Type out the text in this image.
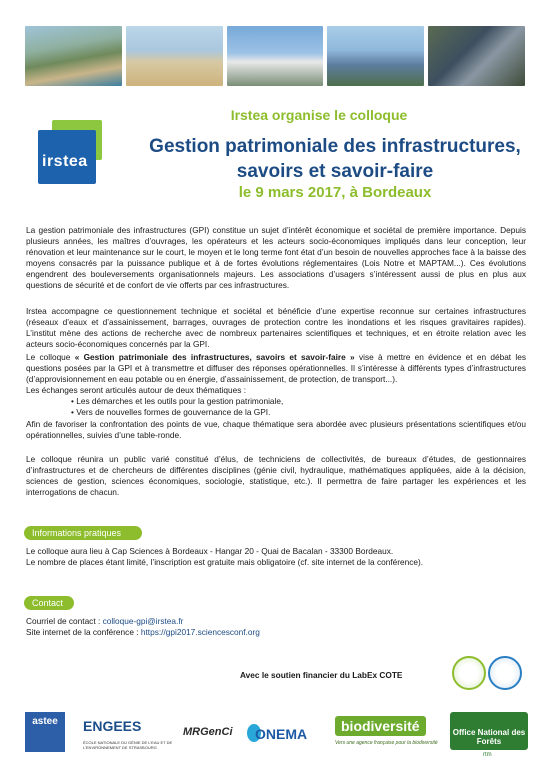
irstea
Irstea organise le colloque
Gestion patrimoniale des infrastructures,
savoirs et savoir-faire
le 9 mars 2017, à Bordeaux

La gestion patrimoniale des infrastructures (GPI) constitue un sujet d’intérêt économique et sociétal de première importance. Depuis plusieurs années, les maîtres d’ouvrages, les opérateurs et les acteurs socio-économiques impliqués dans leur conception, leur rénovation et leur maintenance sur le court, le moyen et le long terme font état d’un besoin de nouvelles approches face à la baisse des moyens consacrés par la puissance publique et à de fortes évolutions réglementaires (Lois Notre et MAPTAM...). Ces évolutions engendrent des bouleversements organisationnels majeurs. Les associations d’usagers s’intéressent aussi de plus en plus aux questions de sécurité et de confort de vie offerts par ces infrastructures.

Irstea accompagne ce questionnement technique et sociétal et bénéficie d’une expertise reconnue sur certaines infrastructures (réseaux d’eaux et d’assainissement, barrages, ouvrages de protection contre les inondations et les risques gravitaires rapides). L’institut mène des actions de recherche avec de nombreux partenaires scientifiques et techniques, et en étroite relation avec les acteurs socio-économiques concernés par la GPI.

Le colloque « Gestion patrimoniale des infrastructures, savoirs et savoir-faire » vise à mettre en évidence et en débat les questions posées par la GPI et à transmettre et diffuser des réponses opérationnelles. Il s’intéresse à différents types d’infrastructures (d’approvisionnement en eau potable ou en énergie, d’assainissement, de protection, de transport...).

Les échanges seront articulés autour de deux thématiques :

• Les démarches et les outils pour la gestion patrimoniale,
• Vers de nouvelles formes de gouvernance de la GPI.

Afin de favoriser la confrontation des points de vue, chaque thématique sera abordée avec plusieurs présentations scientifiques et/ou opérationnelles, suivies d’une table-ronde.

Le colloque réunira un public varié constitué d’élus, de techniciens de collectivités, de bureaux d’études, de gestionnaires d’infrastructures et de chercheurs de différentes disciplines (génie civil, hydraulique, mathématiques appliquées, aide à la décision, sciences de gestion, sciences économiques, sociologie, statistique, etc.). Il permettra de faire partager les expériences et les interrogations de chacun.

Informations pratiques

Le colloque aura lieu à Cap Sciences à Bordeaux - Hangar 20 - Quai de Bacalan - 33300 Bordeaux.

Le nombre de places étant limité, l’inscription est gratuite mais obligatoire (cf. site internet de la conférence).

Contact

Courriel de contact : colloque-gpi@irstea.fr

Site internet de la conférence : https://gpi2017.sciencesconf.org

Avec le soutien financier du LabEx COTE
astee	ENGEES
ÉCOLE NATIONALE DU GÉNIE DE L’EAU ET DE L’ENVIRONNEMENT DE STRASBOURG
MRGenCi ONEMA	biodiversité
Vers une agence française pour la biodiversité
Office National des Forêts
rtm
